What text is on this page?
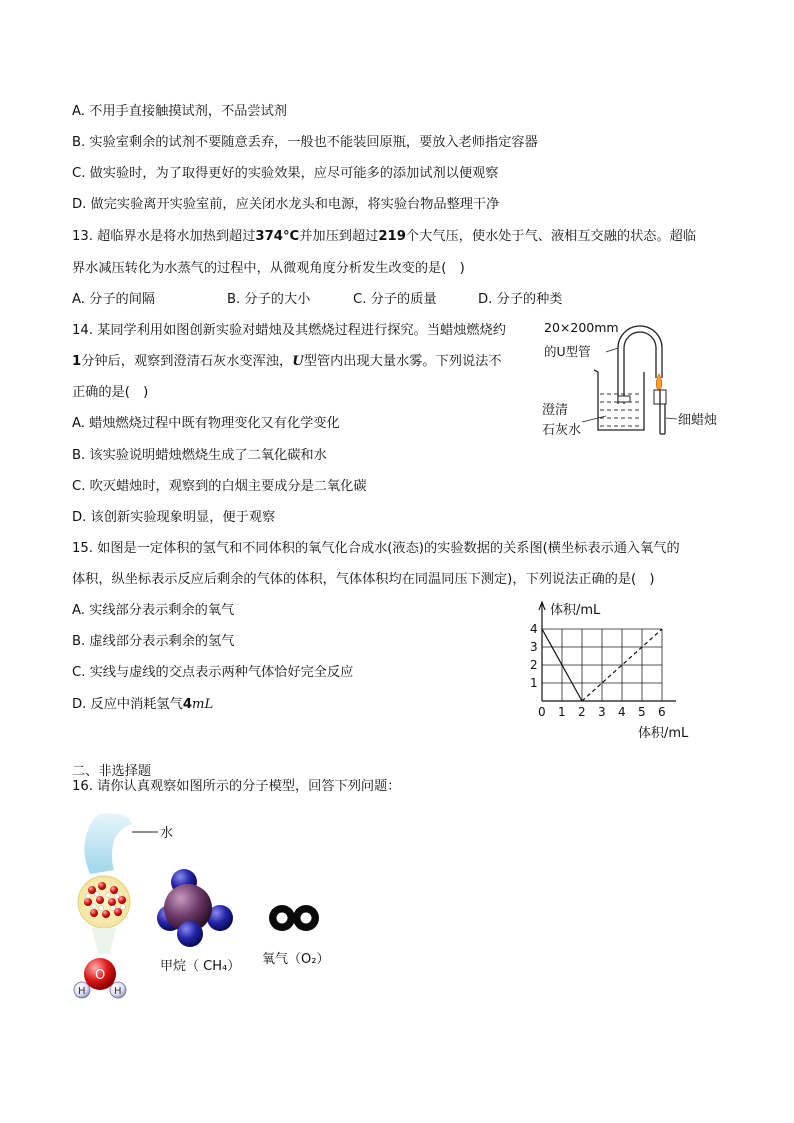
A. 不用手直接触摸试剂，不品尝试剂
B. 实验室剩余的试剂不要随意丢弃，一般也不能装回原瓶，要放入老师指定容器
C. 做实验时，为了取得更好的实验效果，应尽可能多的添加试剂以便观察
D. 做完实验离开实验室前，应关闭水龙头和电源，将实验台物品整理干净
13. 超临界水是将水加热到超过374°C并加压到超过219个大气压，使水处于气、液相互交融的状态。超临
界水减压转化为水蒸气的过程中，从微观角度分析发生改变的是(　)
A. 分子的间隔	B. 分子的大小	C. 分子的质量	D. 分子的种类
14. 某同学利用如图创新实验对蜡烛及其燃烧过程进行探究。当蜡烛燃烧约
1分钟后，观察到澄清石灰水变浑浊，U型管内出现大量水雾。下列说法不
正确的是(　)
A. 蜡烛燃烧过程中既有物理变化又有化学变化
B. 该实验说明蜡烛燃烧生成了二氧化碳和水
C. 吹灭蜡烛时，观察到的白烟主要成分是二氧化碳
D. 该创新实验现象明显，便于观察
20×200mm
的U型管
澄清
石灰水
细蜡烛
15. 如图是一定体积的氢气和不同体积的氧气化合成水(液态)的实验数据的关系图(横坐标表示通入氧气的
体积，纵坐标表示反应后剩余的气体的体积，气体体积均在同温同压下测定)，下列说法正确的是(　)
A. 实线部分表示剩余的氧气
B. 虚线部分表示剩余的氢气
C. 实线与虚线的交点表示两种气体恰好完全反应
D. 反应中消耗氢气4mL	0 1 2 3 4 5 6
1
2
3
4
体积/mL
体积/mL
二、非选择题
16. 请你认真观察如图所示的分子模型，回答下列问题：
水
O
H	H
甲烷（ CH₄） 氧气（O₂）
